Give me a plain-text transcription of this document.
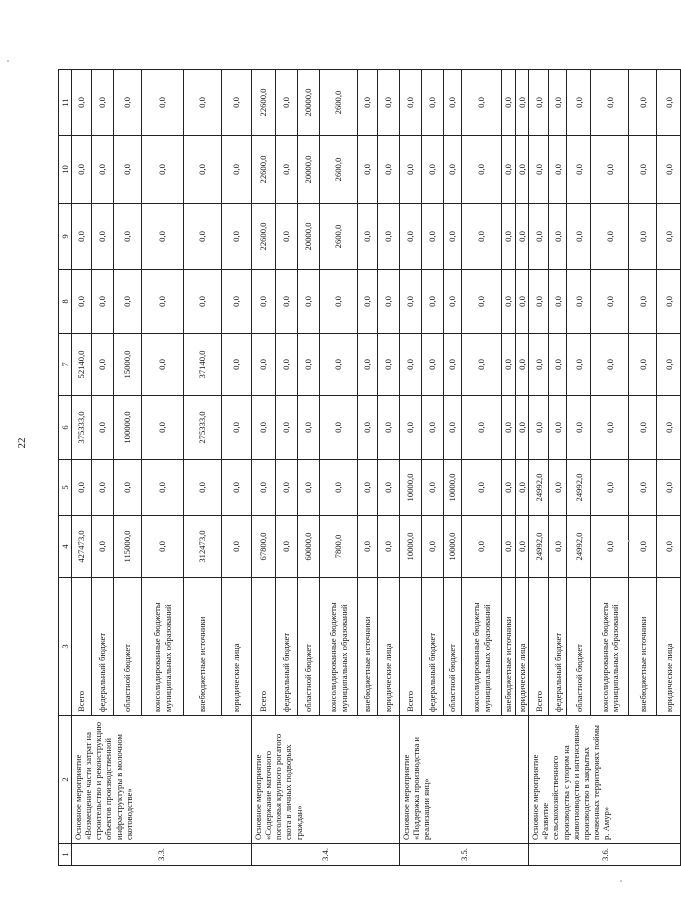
22
1	2	3	4	5	6	7	8	9	10	11
3.3.	Основное мероприятие «Возмещение части затрат на строительство и реконструкцию объектов производственной инфраструктуры в молочном скотоводстве»	Всего	427473,0	0,0	375333,0	52140,0	0,0	0,0	0,0	0,0
		федеральный бюджет	0,0	0,0	0,0	0,0	0,0	0,0	0,0	0,0
		областной бюджет	115000,0	0,0	100000,0	15000,0	0,0	0,0	0,0	0,0
		консолидированные бюджеты муниципальных образований	0,0	0,0	0,0	0,0	0,0	0,0	0,0	0,0
		внебюджетные источники	312473,0	0,0	275333,0	37140,0	0,0	0,0	0,0	0,0
		юридические лица	0,0	0,0	0,0	0,0	0,0	0,0	0,0	0,0
3.4.	Основное мероприятие «Содержание маточного поголовья крупного рогатого скота в личных подворьях граждан»	Всего	67800,0	0,0	0,0	0,0	0,0	22600,0	22600,0	22600,0
		федеральный бюджет	0,0	0,0	0,0	0,0	0,0	0,0	0,0	0,0
		областной бюджет	60000,0	0,0	0,0	0,0	0,0	20000,0	20000,0	20000,0
		консолидированные бюджеты муниципальных образований	7800,0	0,0	0,0	0,0	0,0	2600,0	2600,0	2600,0
		внебюджетные источники	0,0	0,0	0,0	0,0	0,0	0,0	0,0	0,0
		юридические лица	0,0	0,0	0,0	0,0	0,0	0,0	0,0	0,0
3.5.	Основное мероприятие «Поддержка производства и реализации яиц»	Всего	10000,0	10000,0	0,0	0,0	0,0	0,0	0,0	0,0
		федеральный бюджет	0,0	0,0	0,0	0,0	0,0	0,0	0,0	0,0
		областной бюджет	10000,0	10000,0	0,0	0,0	0,0	0,0	0,0	0,0
		консолидированные бюджеты муниципальных образований	0,0	0,0	0,0	0,0	0,0	0,0	0,0	0,0
		внебюджетные источники	0,0	0,0	0,0	0,0	0,0	0,0	0,0	0,0
		юридические лица	0,0	0,0	0,0	0,0	0,0	0,0	0,0	0,0
3.6.	Основное мероприятие «Развитие сельскохозяйственного производства с упором на животноводство и интенсивное производство в закрытых почвенных территориях поймы р. Амур»	Всего	24992,0	24992,0	0,0	0,0	0,0	0,0	0,0	0,0
		федеральный бюджет	0,0	0,0	0,0	0,0	0,0	0,0	0,0	0,0
		областной бюджет	24992,0	24992,0	0,0	0,0	0,0	0,0	0,0	0,0
		консолидированные бюджеты муниципальных образований	0,0	0,0	0,0	0,0	0,0	0,0	0,0	0,0
		внебюджетные источники	0,0	0,0	0,0	0,0	0,0	0,0	0,0	0,0
		юридические лица	0,0	0,0	0,0	0,0	0,0	0,0	0,0	0,0
